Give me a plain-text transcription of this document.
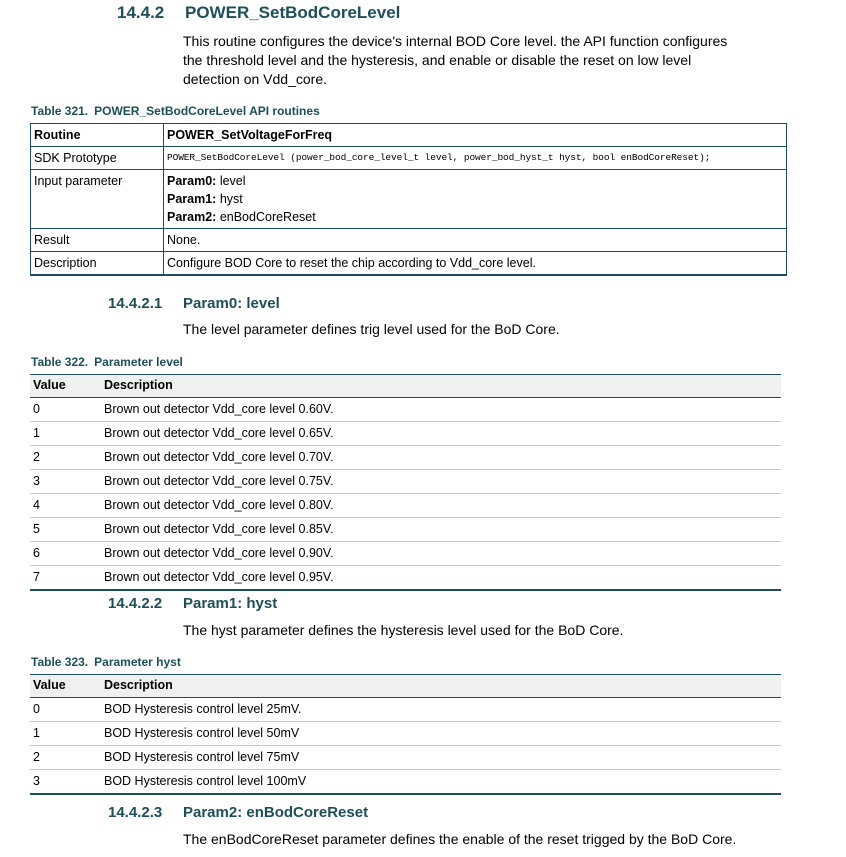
14.4.2 POWER_SetBodCoreLevel
This routine configures the device's internal BOD Core level. the API function configures
the threshold level and the hysteresis, and enable or disable the reset on low level
detection on Vdd_core.
Table 321. POWER_SetBodCoreLevel API routines
Routine	POWER_SetVoltageForFreq
SDK Prototype	POWER_SetBodCoreLevel (power_bod_core_level_t level, power_bod_hyst_t hyst, bool enBodCoreReset);
Input parameter	Param0: level
Param1: hyst
Param2: enBodCoreReset

Result	None.
Description	Configure BOD Core to reset the chip according to Vdd_core level.
14.4.2.1 Param0: level
The level parameter defines trig level used for the BoD Core.
Table 322. Parameter level
Value	Description
0	Brown out detector Vdd_core level 0.60V.
1	Brown out detector Vdd_core level 0.65V.
2	Brown out detector Vdd_core level 0.70V.
3	Brown out detector Vdd_core level 0.75V.
4	Brown out detector Vdd_core level 0.80V.
5	Brown out detector Vdd_core level 0.85V.
6	Brown out detector Vdd_core level 0.90V.
7	Brown out detector Vdd_core level 0.95V.
14.4.2.2 Param1: hyst
The hyst parameter defines the hysteresis level used for the BoD Core.
Table 323. Parameter hyst
Value	Description
0	BOD Hysteresis control level 25mV.
1	BOD Hysteresis control level 50mV
2	BOD Hysteresis control level 75mV
3	BOD Hysteresis control level 100mV
14.4.2.3 Param2: enBodCoreReset
The enBodCoreReset parameter defines the enable of the reset trigged by the BoD Core.
